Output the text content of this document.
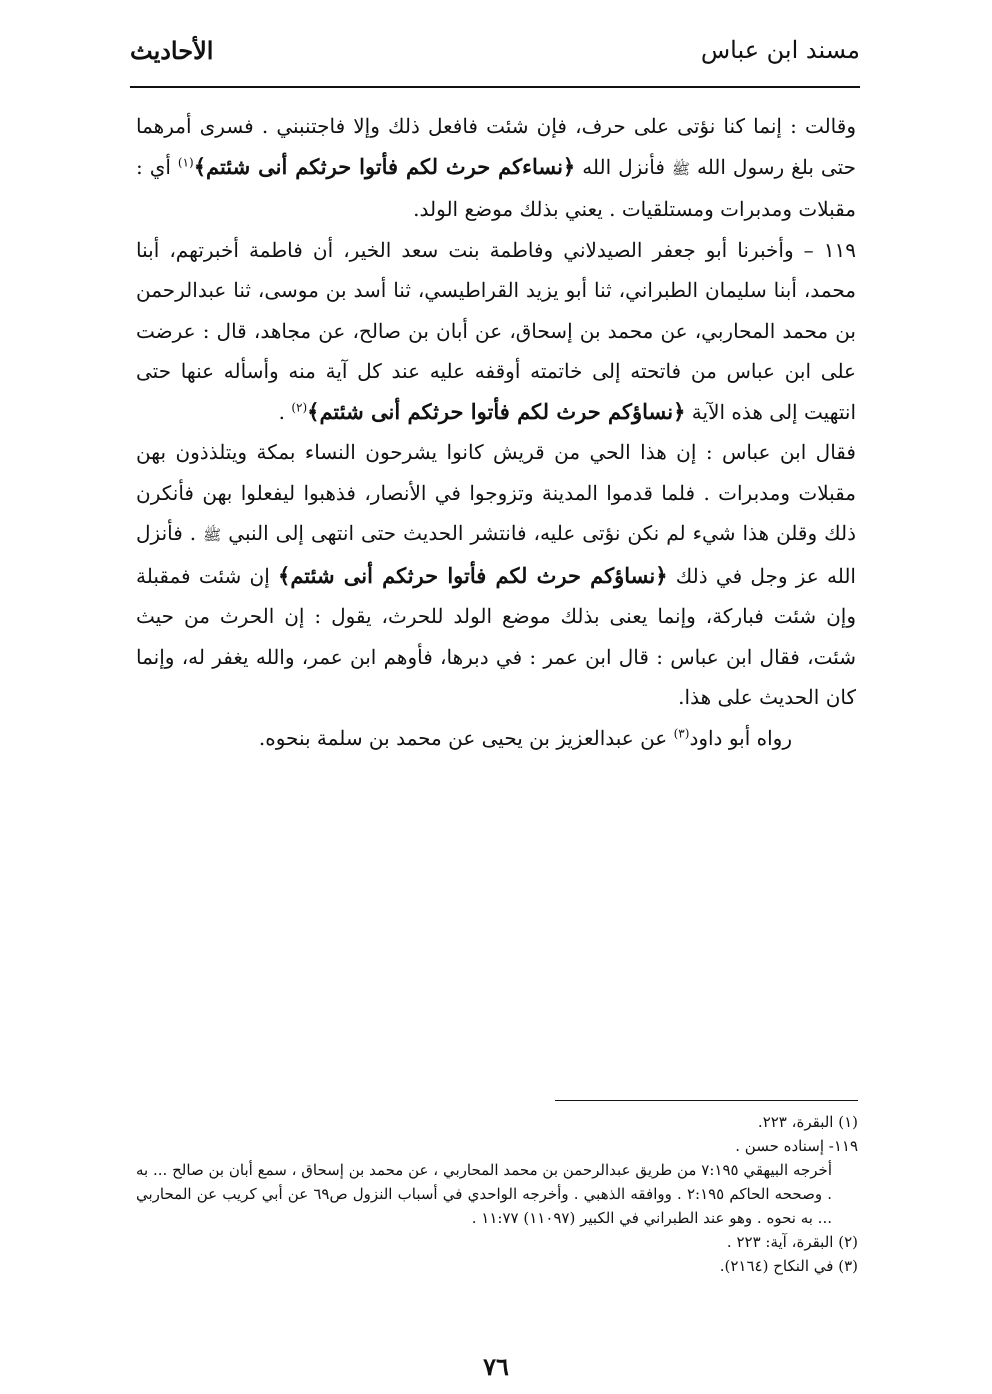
مسند ابن عباس
الأحاديث

وقالت : إنما كنا نؤتى على حرف، فإن شئت فافعل ذلك وإلا فاجتنبني . فسرى أمرهما حتى بلغ رسول الله ﷺ فأنزل الله ﴿نساءكم حرث لكم فأتوا حرثكم أنى شئتم﴾$^{(١)}$ أي : مقبلات ومدبرات ومستلقيات . يعني بذلك موضع الولد.

١١٩ – وأخبرنا أبو جعفر الصيدلاني وفاطمة بنت سعد الخير، أن فاطمة أخبرتهم، أبنا محمد، أبنا سليمان الطبراني، ثنا أبو يزيد القراطيسي، ثنا أسد بن موسى، ثنا عبدالرحمن بن محمد المحاربي، عن محمد بن إسحاق، عن أبان بن صالح، عن مجاهد، قال : عرضت على ابن عباس من فاتحته إلى خاتمته أوقفه عليه عند كل آية منه وأسأله عنها حتى انتهيت إلى هذه الآية ﴿نساؤكم حرث لكم فأتوا حرثكم أنى شئتم﴾$^{(٢)}$ .

فقال ابن عباس : إن هذا الحي من قريش كانوا يشرحون النساء بمكة ويتلذذون بهن مقبلات ومدبرات . فلما قدموا المدينة وتزوجوا في الأنصار، فذهبوا ليفعلوا بهن فأنكرن ذلك وقلن هذا شيء لم نكن نؤتى عليه، فانتشر الحديث حتى انتهى إلى النبي ﷺ . فأنزل الله عز وجل في ذلك ﴿نساؤكم حرث لكم فأتوا حرثكم أنى شئتم﴾ إن شئت فمقبلة وإن شئت فباركة، وإنما يعنى بذلك موضع الولد للحرث، يقول : إن الحرث من حيث شئت، فقال ابن عباس : قال ابن عمر : في دبرها، فأوهم ابن عمر، والله يغفر له، وإنما كان الحديث على هذا.

رواه أبو داود$^{(٣)}$ عن عبدالعزيز بن يحيى عن محمد بن سلمة بنحوه.

(١) البقرة، ٢٢٣.

١١٩- إسناده حسن .

أخرجه البيهقي ٧:١٩٥ من طريق عبدالرحمن بن محمد المحاربي ، عن محمد بن إسحاق ، سمع أبان بن صالح ... به . وصححه الحاكم ٢:١٩٥ . ووافقه الذهبي . وأخرجه الواحدي في أسباب النزول ص٦٩ عن أبي كريب عن المحاربي ... به نحوه . وهو عند الطبراني في الكبير (١١٠٩٧) ١١:٧٧ .

(٢) البقرة، آية: ٢٢٣ .

(٣) في النكاح (٢١٦٤).

٧٦
